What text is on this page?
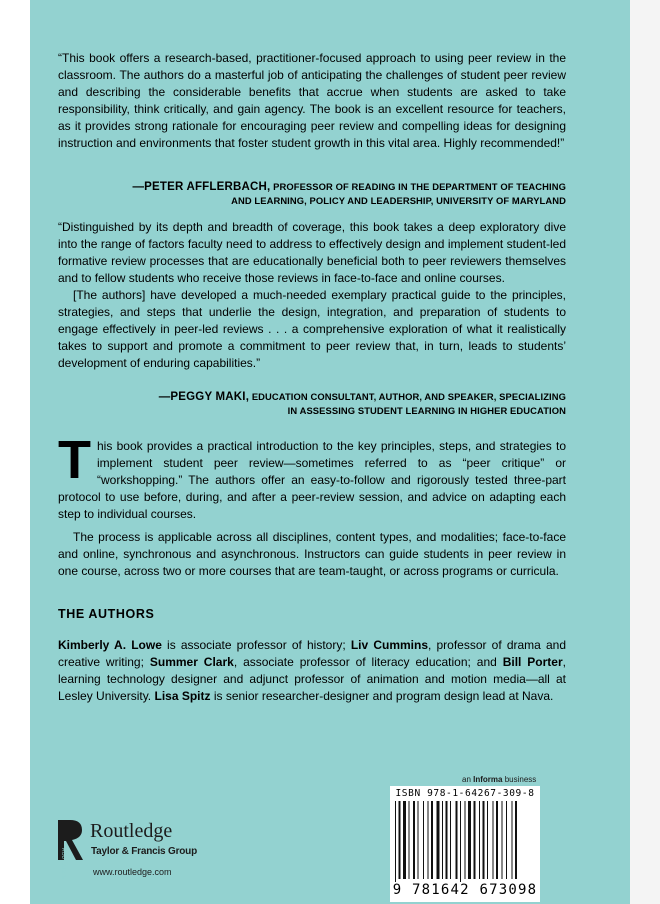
“This book offers a research-based, practitioner-focused approach to using peer review in the classroom. The authors do a masterful job of anticipating the challenges of student peer review and describing the considerable benefits that accrue when students are asked to take responsibility, think critically, and gain agency. The book is an excellent resource for teachers, as it provides strong rationale for encouraging peer review and compelling ideas for designing instruction and environments that foster student growth in this vital area. Highly recommended!”

—PETER AFFLERBACH, PROFESSOR OF READING IN THE DEPARTMENT OF TEACHING
AND LEARNING, POLICY AND LEADERSHIP, UNIVERSITY OF MARYLAND

“Distinguished by its depth and breadth of coverage, this book takes a deep exploratory dive into the range of factors faculty need to address to effectively design and implement student-led formative review processes that are educationally beneficial both to peer reviewers themselves and to fellow students who receive those reviews in face-to-face and online courses.

[The authors] have developed a much-needed exemplary practical guide to the principles, strategies, and steps that underlie the design, integration, and preparation of students to engage effectively in peer-led reviews . . . a comprehensive exploration of what it realistically takes to support and promote a commitment to peer review that, in turn, leads to students’ development of enduring capabilities.”

—PEGGY MAKI, EDUCATION CONSULTANT, AUTHOR, AND SPEAKER, SPECIALIZING
IN ASSESSING STUDENT LEARNING IN HIGHER EDUCATION

This book provides a practical introduction to the key principles, steps, and strategies to implement student peer review—sometimes referred to as “peer critique” or “workshopping.” The authors offer an easy-to-follow and rigorously tested three-part protocol to use before, during, and after a peer-review session, and advice on adapting each step to individual courses.

The process is applicable across all disciplines, content types, and modalities; face-to-face and online, synchronous and asynchronous. Instructors can guide students in peer review in one course, across two or more courses that are team-taught, or across programs or curricula.

THE AUTHORS

Kimberly A. Lowe is associate professor of history; Liv Cummins, professor of drama and creative writing; Summer Clark, associate professor of literacy education; and Bill Porter, learning technology designer and adjunct professor of animation and motion media—all at Lesley University. Lisa Spitz is senior researcher-designer and program design lead at Nava.

an Informa business
ISBN 978-1-64267-309-8
9 781642 673098
ROUTLEDGE
Routledge
Taylor & Francis Group
www.routledge.com
